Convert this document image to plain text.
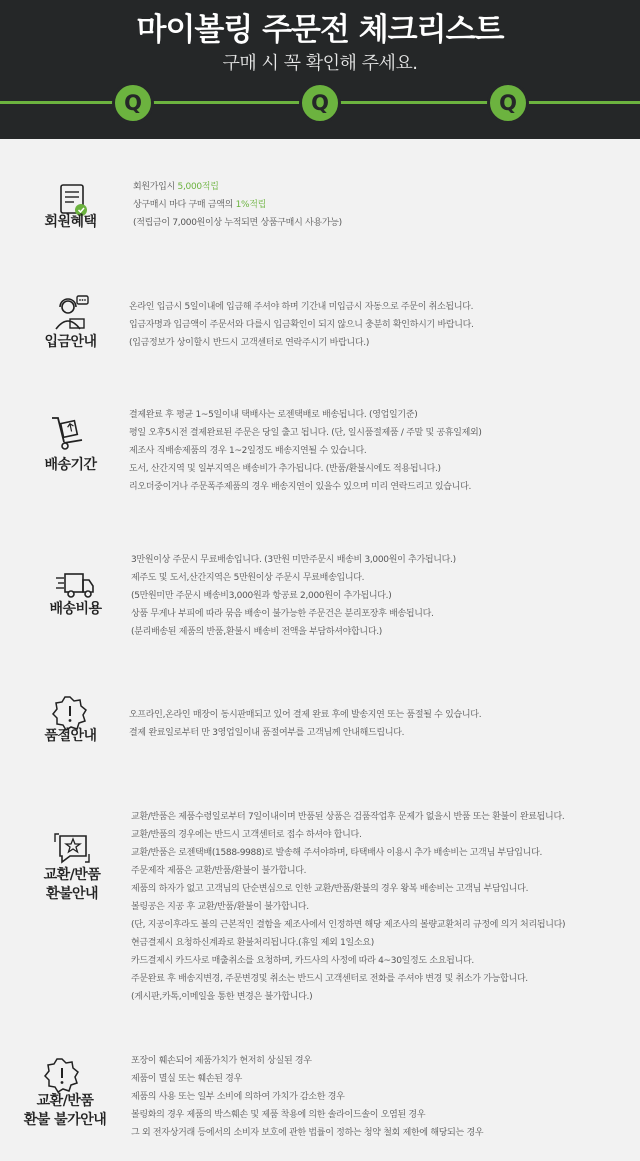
마이볼링 주문전 체크리스트
구매 시 꼭 확인해 주세요.
Q	Q	Q
회원혜택
회원가입시 5,000적립
상구매시 마다 구매 금액의 1%적립
(적립금이 7,000원이상 누적되면 상품구매시 사용가능)
입금안내
온라인 입금시 5일이내에 입금해 주셔야 하며 기간내 미입금시 자동으로 주문이 취소됩니다.
입금자명과 입금액이 주문서와 다를시 입금확인이 되지 않으니 충분히 확인하시기 바랍니다.
(입금정보가 상이할시 반드시 고객센터로 연락주시기 바랍니다.)
배송기간
결제완료 후 평균 1~5일이내 택배사는 로젠택배로 배송됩니다. (영업일기준)
평일 오후5시전 결제완료된 주문은 당일 출고 됩니다. (단, 일시품절제품 / 주말 및 공휴일제외)
제조사 직배송제품의 경우 1~2일정도 배송지연될 수 있습니다.
도서, 산간지역 및 일부지역은 배송비가 추가됩니다. (반품/환불시에도 적용됩니다.)
리오더중이거나 주문폭주제품의 경우 배송지연이 있을수 있으며 미리 연락드리고 있습니다.
배송비용
3만원이상 주문시 무료배송입니다. (3만원 미만주문시 배송비 3,000원이 추가됩니다.)
제주도 및 도서,산간지역은 5만원이상 주문시 무료배송입니다.
(5만원미만 주문시 배송비3,000원과 항공료 2,000원이 추가됩니다.)
상품 무게나 부피에 따라 묶음 배송이 불가능한 주문건은 분리포장후 배송됩니다.
(분리배송된 제품의 반품,환불시 배송비 전액을 부담하셔야합니다.)
품절안내
오프라인,온라인 매장이 동시판매되고 있어 결제 완료 후에 발송지연 또는 품절될 수 있습니다.
결제 완료일로부터 만 3영업일이내 품절여부를 고객님께 안내해드립니다.
교환/반품
환불안내
교환/반품은 제품수령일로부터 7일이내이며 반품된 상품은 검품작업후 문제가 없을시 반품 또는 환불이 완료됩니다.
교환/반품의 경우에는 반드시 고객센터로 접수 하셔야 합니다.
교환/반품은 로젠택배(1588-9988)로 발송해 주셔야하며, 타택배사 이용시 추가 배송비는 고객님 부담입니다.
주문제작 제품은 교환/반품/환불이 불가합니다.
제품의 하자가 없고 고객님의 단순변심으로 인한 교환/반품/환불의 경우 왕복 배송비는 고객님 부담입니다.
볼링공은 지공 후 교환/반품/환불이 불가합니다.
(단, 지공이후라도 볼의 근본적인 결함을 제조사에서 인정하면 해당 제조사의 볼량교환처리 규정에 의거 처리됩니다)
현금결제시 요청하신계좌로 환불처리됩니다.(휴일 제외 1일소요)
카드결제시 카드사로 매출취소를 요청하며, 카드사의 사정에 따라 4~30일정도 소요됩니다.
주문완료 후 배송지변경, 주문변경및 취소는 반드시 고객센터로 전화를 주셔야 변경 및 취소가 가능합니다.
(게시판,카톡,이메일을 통한 변경은 불가합니다.)
교환/반품
환불 불가안내
포장이 훼손되어 제품가치가 현저히 상실된 경우
제품이 멸실 또는 훼손된 경우
제품의 사용 또는 일부 소비에 의하여 가치가 감소한 경우
볼링화의 경우 제품의 박스훼손 및 제품 착용에 의한 솔라이드솔이 오염된 경우
그 외 전자상거래 등에서의 소비자 보호에 관한 법률이 정하는 청약 철회 제한에 해당되는 경우
